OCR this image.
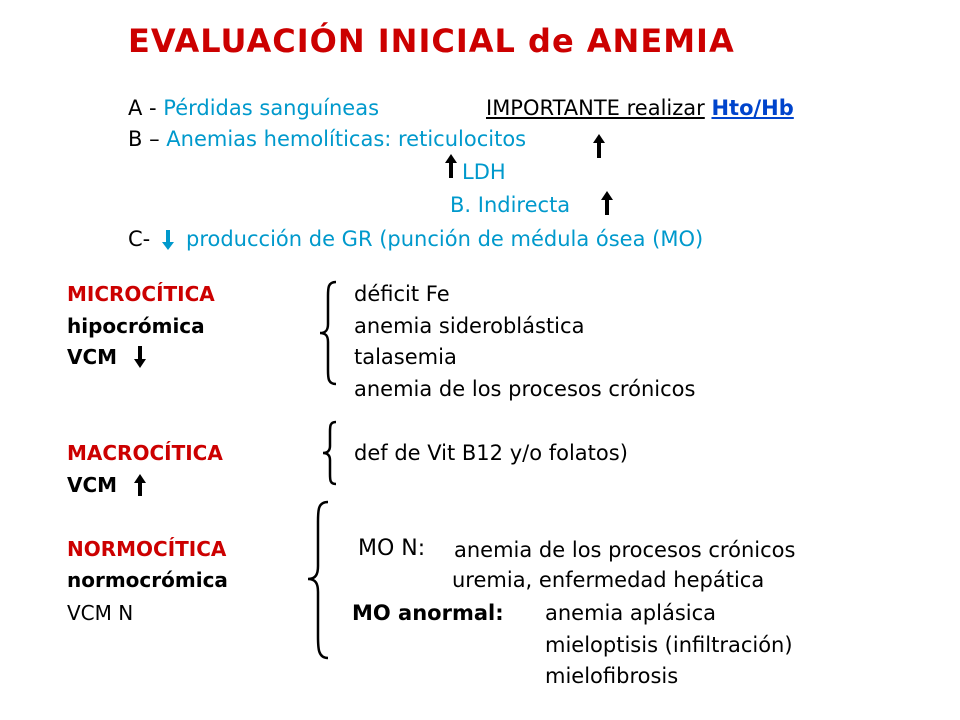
EVALUACIÓN INICIAL de ANEMIA
A - Pérdidas sanguíneas	IMPORTANTE realizar Hto/Hb
B – Anemias hemolíticas: reticulocitos
LDH
B. Indirecta
C- producción de GR (punción de médula ósea (MO)
MICROCÍTICA
hipocrómica
VCM
déficit Fe
anemia sideroblástica
talasemia
anemia de los procesos crónicos
MACROCÍTICA
VCM
def de Vit B12 y/o folatos)
NORMOCÍTICA
normocrómica
VCM N
MO N: anemia de los procesos crónicos
uremia, enfermedad hepática
MO anormal: anemia aplásica
mieloptisis (infiltración)
mielofibrosis
